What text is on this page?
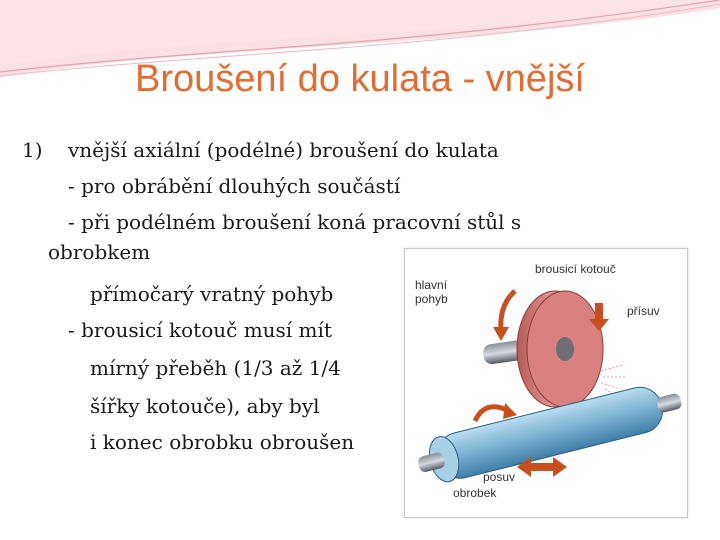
Broušení do kulata - vnější
1) vnější axiální (podélné) broušení do kulata
- pro obrábění dlouhých součástí
- při podélném broušení koná pracovní stůl s
obrobkem
přímočarý vratný pohyb
- brousicí kotouč musí mít
mírný přeběh (1/3 až 1/4
šířky kotouče), aby byl
i konec obrobku obroušen
brousicí kotouč
hlavní
pohyb
přísuv
posuv
obrobek
